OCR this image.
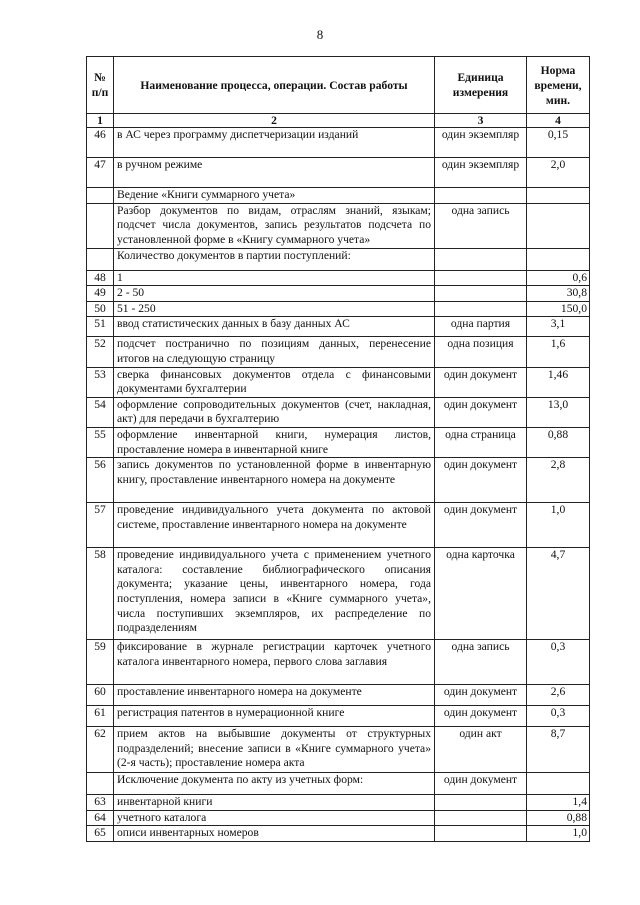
8
№ п/п	Наименование процесса, операции. Состав работы	Единица измерения	Норма времени, мин.
1	2	3	4
46	в АС через программу диспетчеризации изданий	один экземпляр	0,15
47	в ручном режиме	один экземпляр	2,0
	Ведение «Книги суммарного учета»		
	Разбор документов по видам, отраслям знаний, языкам; подсчет числа документов, запись результатов подсчета по установленной форме в «Книгу суммарного учета»	одна запись	
	Количество документов в партии поступлений:		
48	1		0,6
49	2 - 50		30,8
50	51 - 250		150,0
51	ввод статистических данных в базу данных АС	одна партия	3,1
52	подсчет постранично по позициям данных, перенесение итогов на следующую страницу	одна позиция	1,6
53	сверка финансовых документов отдела с финансовыми документами бухгалтерии	один документ	1,46
54	оформление сопроводительных документов (счет, накладная, акт) для передачи в бухгалтерию	один документ	13,0
55	оформление инвентарной книги, нумерация листов, проставление номера в инвентарной книге	одна страница	0,88
56	запись документов по установленной форме в инвентарную книгу, проставление инвентарного номера на документе	один документ	2,8
57	проведение индивидуального учета документа по актовой системе, проставление инвентарного номера на документе	один документ	1,0
58	проведение индивидуального учета с применением учетного каталога: составление библиографического описания документа; указание цены, инвентарного номера, года поступления, номера записи в «Книге суммарного учета», числа поступивших экземпляров, их распределение по подразделениям	одна карточка	4,7
59	фиксирование в журнале регистрации карточек учетного каталога инвентарного номера, первого слова заглавия	одна запись	0,3
60	проставление инвентарного номера на документе	один документ	2,6
61	регистрация патентов в нумерационной книге	один документ	0,3
62	прием актов на выбывшие документы от структурных подразделений; внесение записи в «Книге суммарного учета» (2-я часть); проставление номера акта	один акт	8,7
	Исключение документа по акту из учетных форм:	один документ	
63	инвентарной книги		1,4
64	учетного каталога		0,88
65	описи инвентарных номеров		1,0
